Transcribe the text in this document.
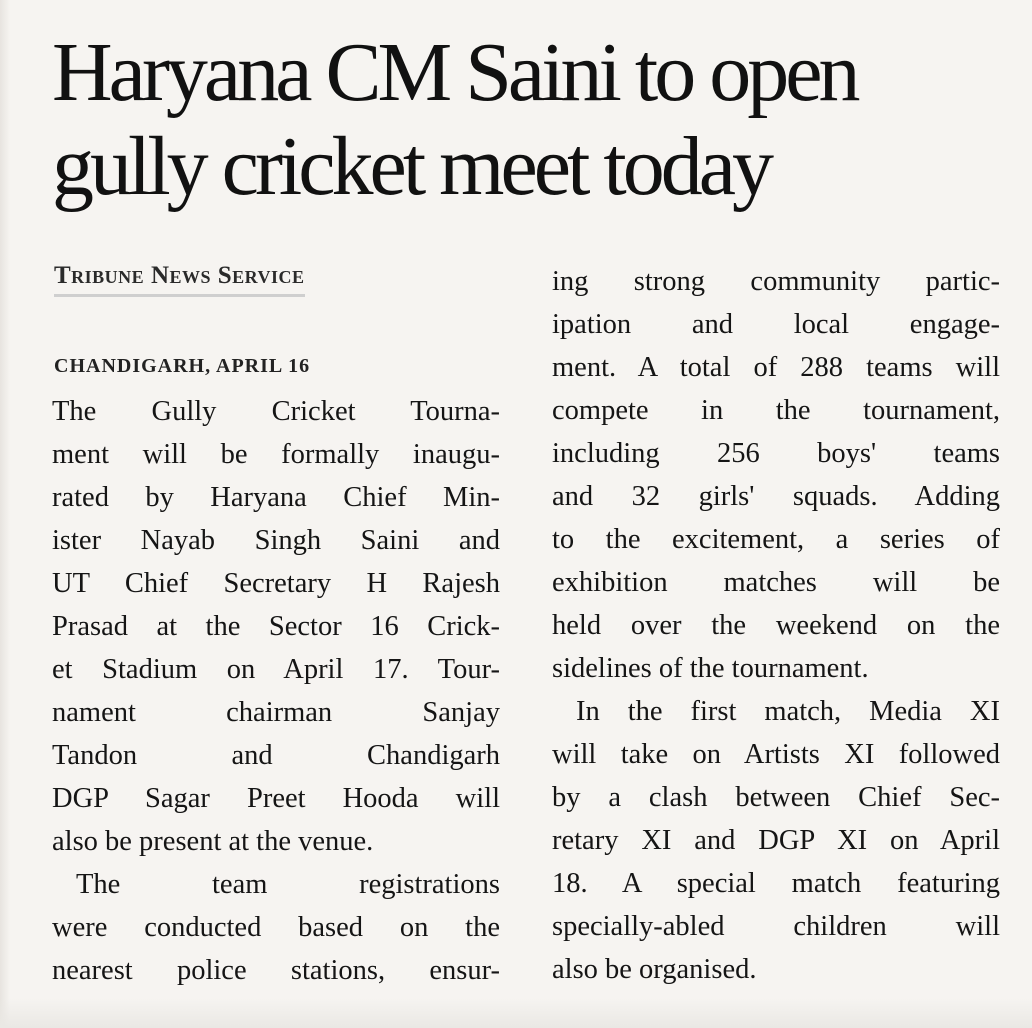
Haryana CM Saini to open
gully cricket meet today
Tribune News Service
CHANDIGARH, APRIL 16
The Gully Cricket Tourna-
ment will be formally inaugu-
rated by Haryana Chief Min-
ister Nayab Singh Saini and
UT Chief Secretary H Rajesh
Prasad at the Sector 16 Crick-
et Stadium on April 17. Tour-
nament chairman Sanjay
Tandon and Chandigarh
DGP Sagar Preet Hooda will
also be present at the venue.
The team registrations
were conducted based on the
nearest police stations, ensur-
ing strong community partic-
ipation and local engage-
ment. A total of 288 teams will
compete in the tournament,
including 256 boys' teams
and 32 girls' squads. Adding
to the excitement, a series of
exhibition matches will be
held over the weekend on the
sidelines of the tournament.
In the first match, Media XI
will take on Artists XI followed
by a clash between Chief Sec-
retary XI and DGP XI on April
18. A special match featuring
specially-abled children will
also be organised.
